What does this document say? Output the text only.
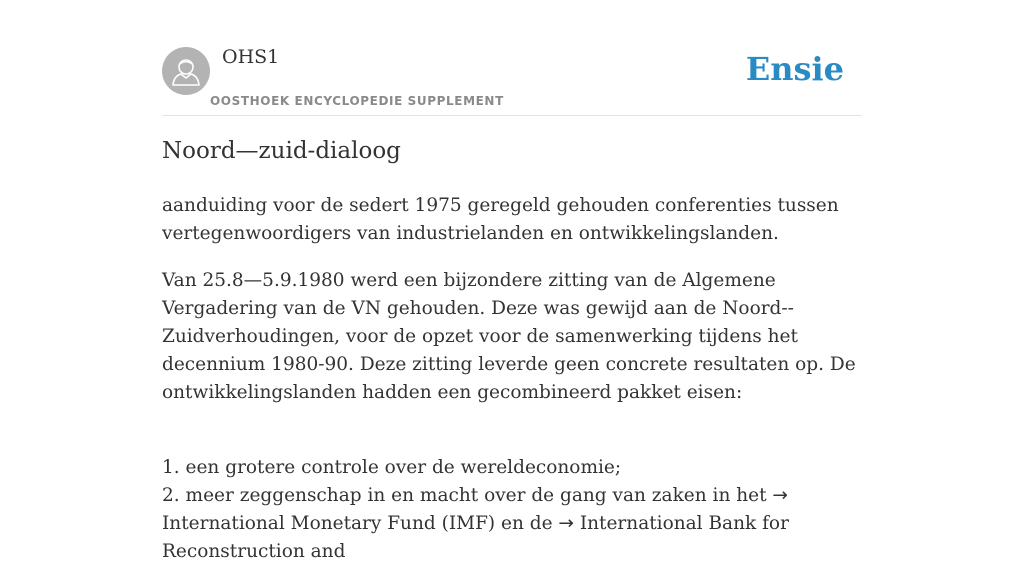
OHS1
OOSTHOEK ENCYCLOPEDIE SUPPLEMENT
Ensie
Noord—zuid-dialoog

aanduiding voor de sedert 1975 geregeld gehouden conferenties tussen vertegenwoordigers van industrielanden en ontwikkelingslanden.

Van 25.8—5.9.1980 werd een bijzondere zitting van de Algemene Vergadering van de VN gehouden. Deze was gewijd aan de Noord--Zuidverhoudingen, voor de opzet voor de samenwerking tijdens het decennium 1980-90. Deze zitting leverde geen concrete resultaten op. De ontwikkelingslanden hadden een gecombineerd pakket eisen:

1. een grotere controle over de wereldeconomie;
2. meer zeggenschap in en macht over de gang van zaken in het → International Monetary Fund (IMF) en de → International Bank for Reconstruction and
